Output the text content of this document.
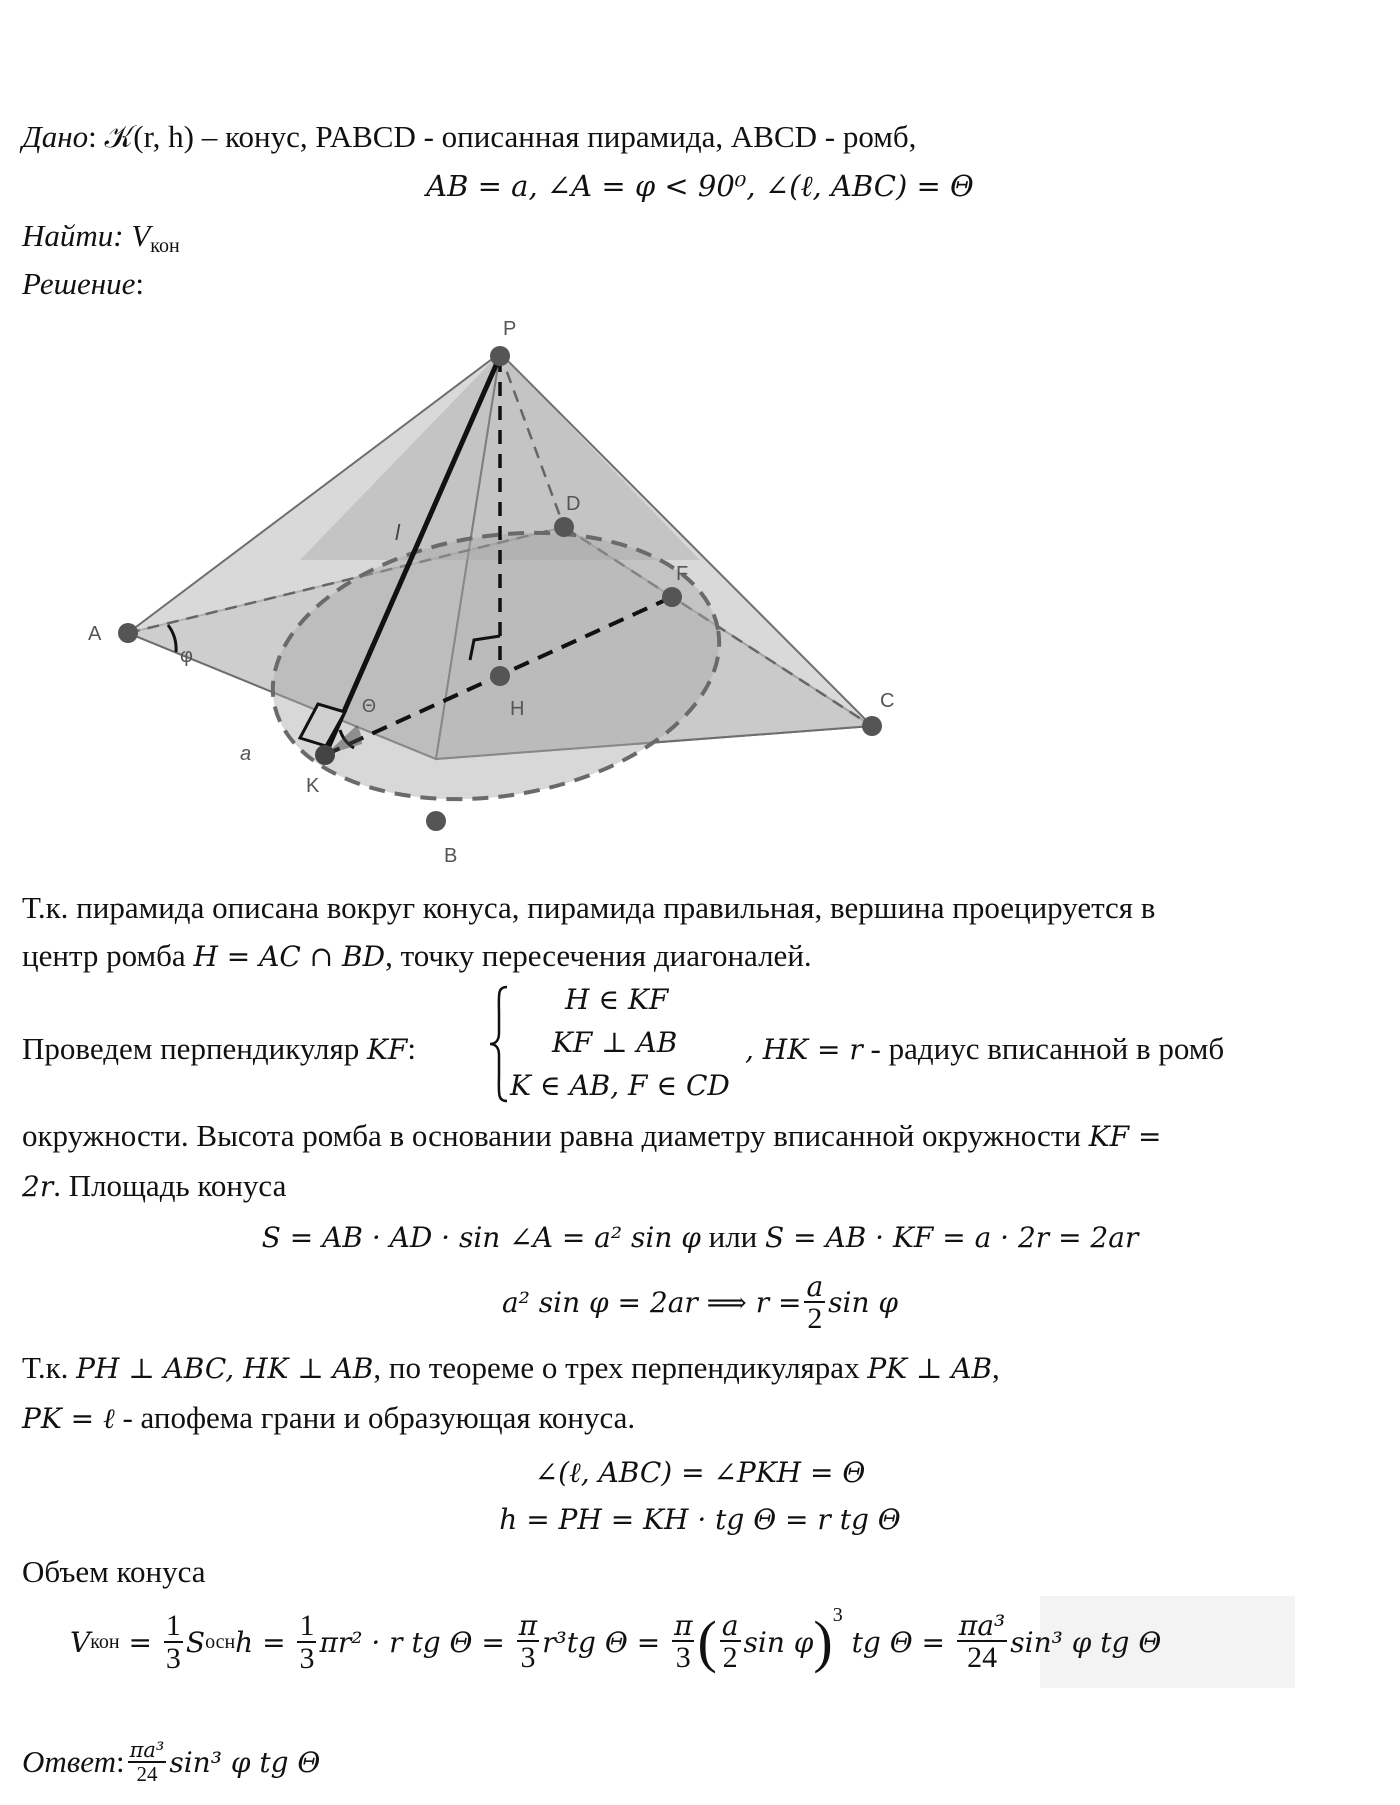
Дано: 𝒦(r, h) – конус, PABCD - описанная пирамида, ABCD - ромб,
AB = a, ∠A = φ < 90⁰, ∠(ℓ, ABC) = Θ
Найти: $V_{кон}$
Решение:
P
D
F
A
φ
H	C
Θ
a
K
B
l
Т.к. пирамида описана вокруг конуса, пирамида правильная, вершина проецируется в
центр ромба H = AC ∩ BD, точку пересечения диагоналей.
Проведем перпендикуляр KF:
H ∈ KF
KF ⊥ AB
K ∈ AB, F ∈ CD
, HK = r - радиус вписанной в ромб
окружности. Высота ромба в основании равна диаметру вписанной окружности KF =
2r. Площадь конуса
S = AB · AD · sin ∠A = a² sin φ или S = AB · KF = a · 2r = 2ar
a² sin φ = 2ar ⟹ $r = \frac{a}{2}$ sin φ
Т.к. PH ⊥ ABC, HK ⊥ AB, по теореме о трех перпендикулярах PK ⊥ AB,
PK = ℓ - апофема грани и образующая конуса.
∠(ℓ, ABC) = ∠PKH = Θ
h = PH = KH · tg Θ = r tg Θ
Объем конуса
V кон = $\frac{1}{3}$ S осн $h = \frac{1}{3} \pi r^2 \cdot r$ tg $\Theta = \frac{\pi}{3} r^3tg$ $\Theta = \frac{\pi}{3}$ ( $\frac{a}{2}$ sin φ ) 3
tg $\Theta = \frac{\text{πa³}}{24} \sin^3$ φ tg Θ
Ответ : $\frac{\text{πa³}}{24} \sin^3$ φ tg Θ
